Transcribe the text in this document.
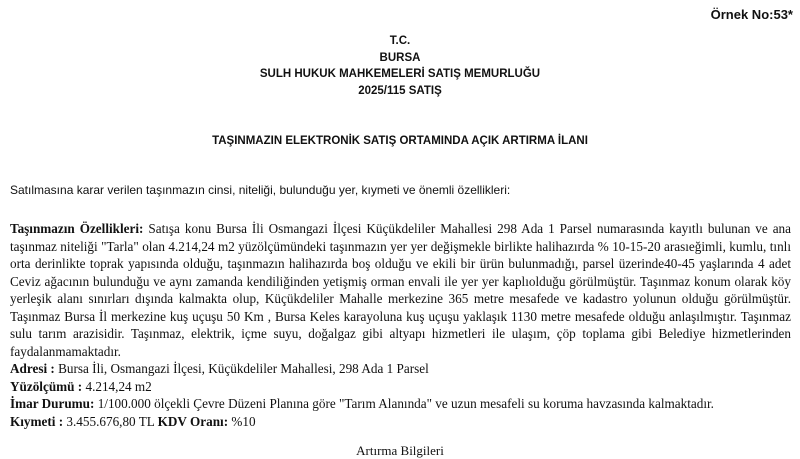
Örnek No:53*
T.C.
BURSA
SULH HUKUK MAHKEMELERİ SATIŞ MEMURLUĞU
2025/115 SATIŞ
TAŞINMAZIN ELEKTRONİK SATIŞ ORTAMINDA AÇIK ARTIRMA İLANI
Satılmasına karar verilen taşınmazın cinsi, niteliği, bulunduğu yer, kıymeti ve önemli özellikleri:

Taşınmazın Özellikleri: Satışa konu Bursa İli Osmangazi İlçesi Küçükdeliler Mahallesi 298 Ada 1 Parsel numarasında kayıtlı bulunan ve ana taşınmaz niteliği "Tarla" olan 4.214,24 m2 yüzölçümündeki taşınmazın yer yer değişmekle birlikte halihazırda % 10-15-20 arasıeğimli, kumlu, tınlı orta derinlikte toprak yapısında olduğu, taşınmazın halihazırda boş olduğu ve ekili bir ürün bulunmadığı, parsel üzerinde40-45 yaşlarında 4 adet Ceviz ağacının bulunduğu ve aynı zamanda kendiliğinden yetişmiş orman envali ile yer yer kaplıolduğu görülmüştür. Taşınmaz konum olarak köy yerleşik alanı sınırları dışında kalmakta olup, Küçükdeliler Mahalle merkezine 365 metre mesafede ve kadastro yolunun olduğu görülmüştür. Taşınmaz Bursa İl merkezine kuş uçuşu 50 Km , Bursa Keles karayoluna kuş uçuşu yaklaşık 1130 metre mesafede olduğu anlaşılmıştır. Taşınmaz sulu tarım arazisidir. Taşınmaz, elektrik, içme suyu, doğalgaz gibi altyapı hizmetleri ile ulaşım, çöp toplama gibi Belediye hizmetlerinden faydalanmamaktadır.

Adresi : Bursa İli, Osmangazi İlçesi, Küçükdeliler Mahallesi, 298 Ada 1 Parsel

Yüzölçümü : 4.214,24 m2

İmar Durumu: 1/100.000 ölçekli Çevre Düzeni Planına göre "Tarım Alanında" ve uzun mesafeli su koruma havzasında kalmaktadır.

Kıymeti : 3.455.676,80 TL KDV Oranı: %10

Artırma Bilgileri
